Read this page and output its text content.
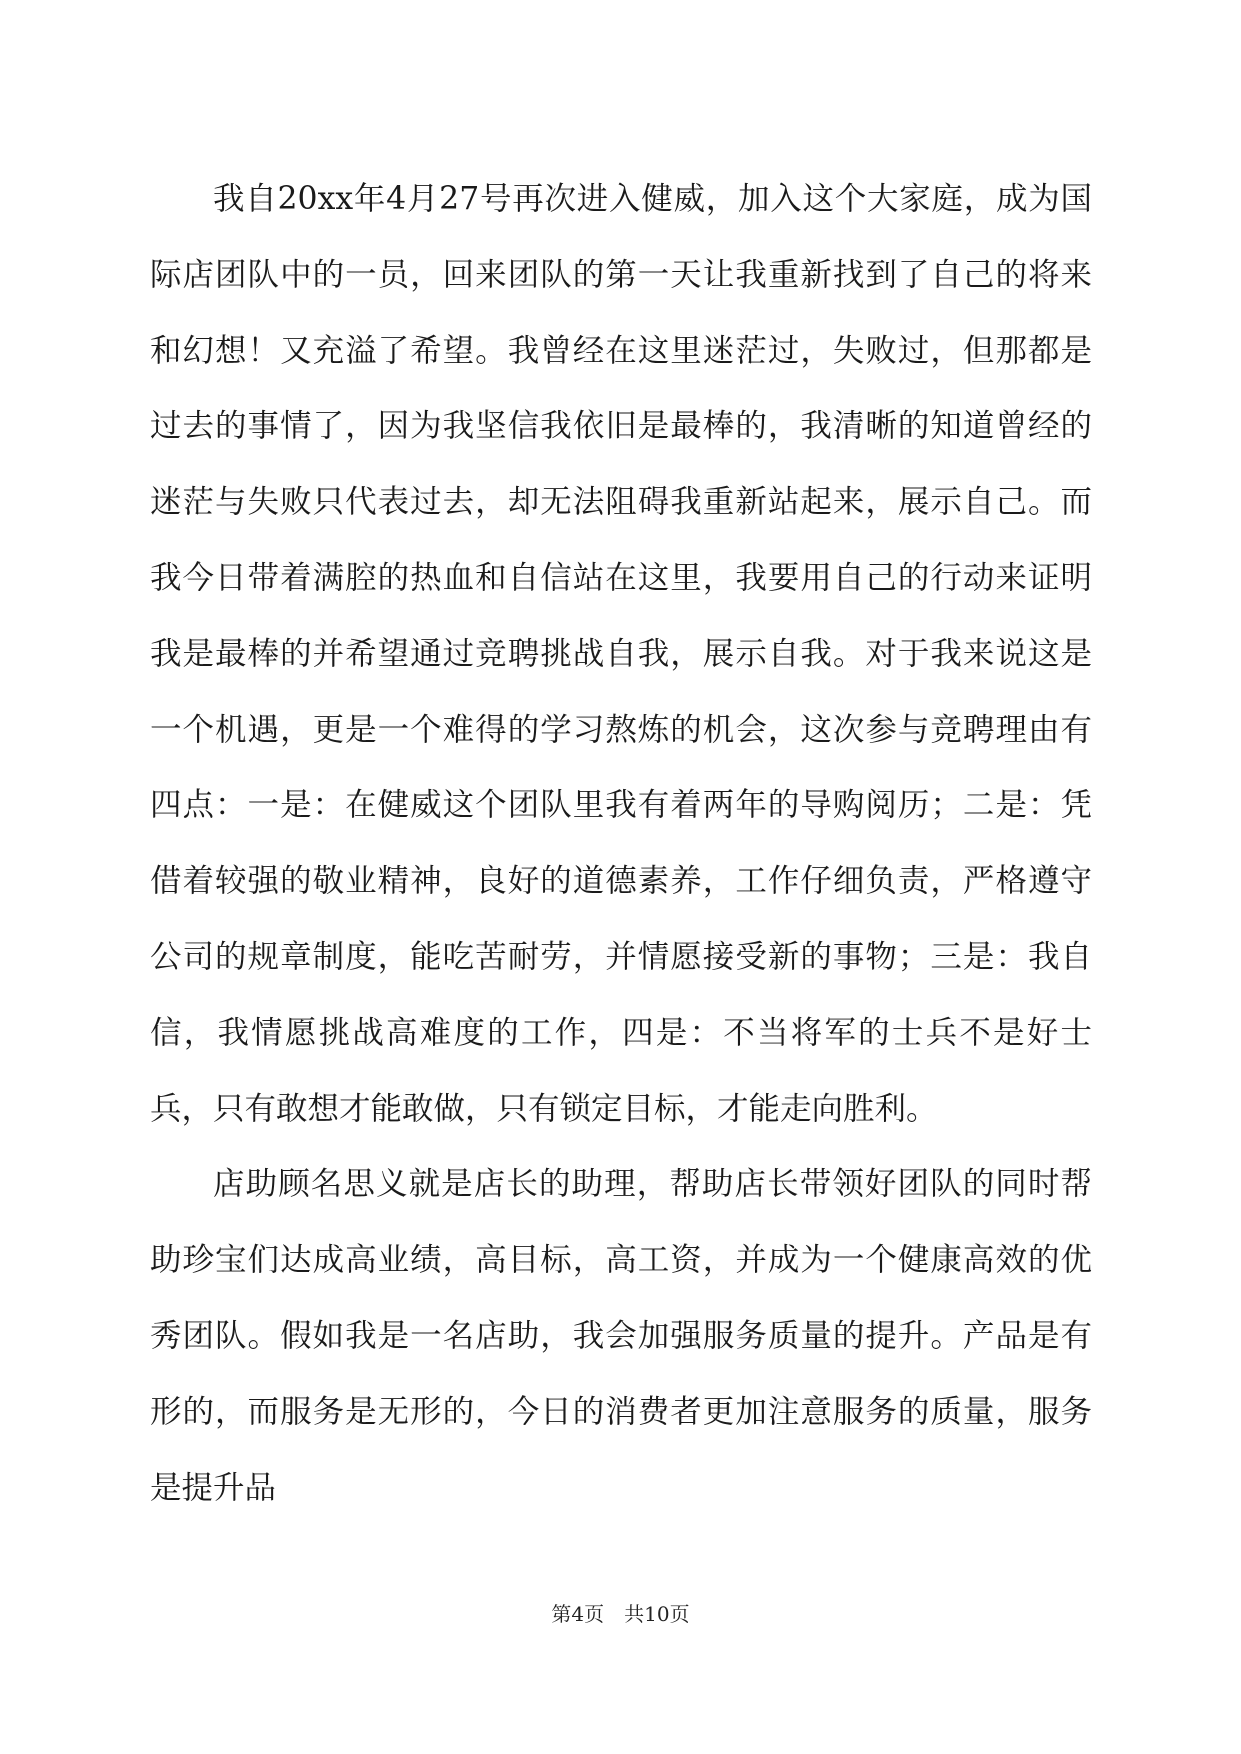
我自20xx年4月27号再次进入健威，加入这个大家庭，成为国际店团队中的一员，回来团队的第一天让我重新找到了自己的将来和幻想！又充溢了希望。我曾经在这里迷茫过，失败过，但那都是过去的事情了，因为我坚信我依旧是最棒的，我清晰的知道曾经的迷茫与失败只代表过去，却无法阻碍我重新站起来，展示自己。而我今日带着满腔的热血和自信站在这里，我要用自己的行动来证明我是最棒的并希望通过竞聘挑战自我，展示自我。对于我来说这是一个机遇，更是一个难得的学习熬炼的机会，这次参与竞聘理由有四点：一是：在健威这个团队里我有着两年的导购阅历；二是：凭借着较强的敬业精神，良好的道德素养，工作仔细负责，严格遵守公司的规章制度，能吃苦耐劳，并情愿接受新的事物；三是：我自信，我情愿挑战高难度的工作，四是：不当将军的士兵不是好士兵，只有敢想才能敢做，只有锁定目标，才能走向胜利。

店助顾名思义就是店长的助理，帮助店长带领好团队的同时帮助珍宝们达成高业绩，高目标，高工资，并成为一个健康高效的优秀团队。假如我是一名店助，我会加强服务质量的提升。产品是有形的，而服务是无形的，今日的消费者更加注意服务的质量，服务是提升品

第4页　共10页
